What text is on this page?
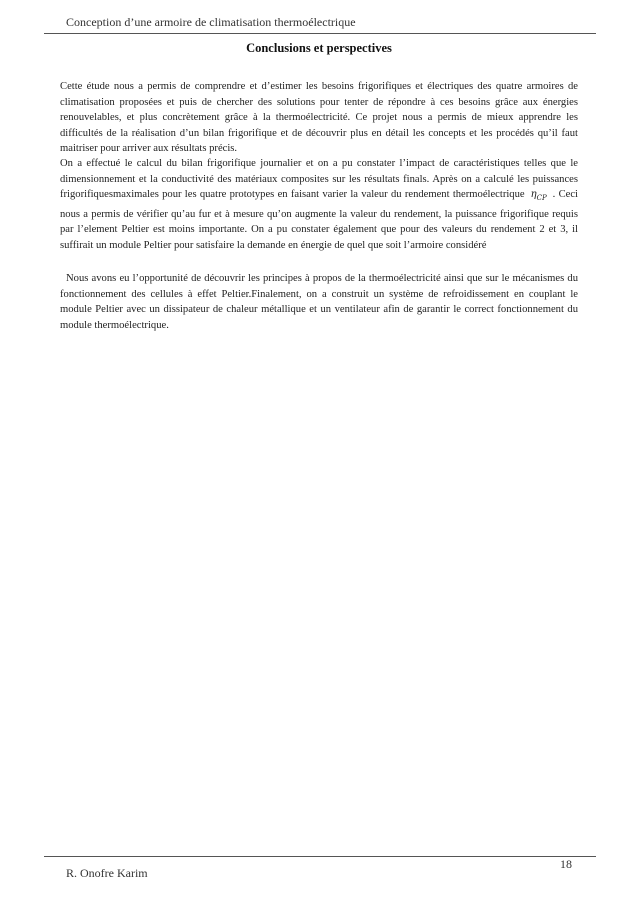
Conception d’une armoire de climatisation thermoélectrique
Conclusions et perspectives

Cette étude nous a permis de comprendre et d’estimer les besoins frigorifiques et électriques des quatre armoires de climatisation proposées et puis de chercher des solutions pour tenter de répondre à ces besoins grâce aux énergies renouvelables, et plus concrètement grâce à la thermoélectricité. Ce projet nous a permis de mieux apprendre les difficultés de la réalisation d’un bilan frigorifique et de découvrir plus en détail les concepts et les procédés qu’il faut maitriser pour arriver aux résultats précis.

On a effectué le calcul du bilan frigorifique journalier et on a pu constater l’impact de caractéristiques telles que le dimensionnement et la conductivité des matériaux composites sur les résultats finals. Après on a calculé les puissances frigorifiquesmaximales pour les quatre prototypes en faisant varier la valeur du rendement thermoélectrique $\eta_{CP}$ . Ceci nous a permis de vérifier qu’au fur et à mesure qu’on augmente la valeur du rendement, la puissance frigorifique requis par l’element Peltier est moins importante. On a pu constater également que pour des valeurs du rendement 2 et 3, il suffirait un module Peltier pour satisfaire la demande en énergie de quel que soit l’armoire considéré

Nous avons eu l’opportunité de découvrir les principes à propos de la thermoélectricité ainsi que sur le mécanismes du fonctionnement des cellules à effet Peltier.Finalement, on a construit un système de refroidissement en couplant le module Peltier avec un dissipateur de chaleur métallique et un ventilateur afin de garantir le correct fonctionnement du module thermoélectrique.

R. Onofre Karim
18
